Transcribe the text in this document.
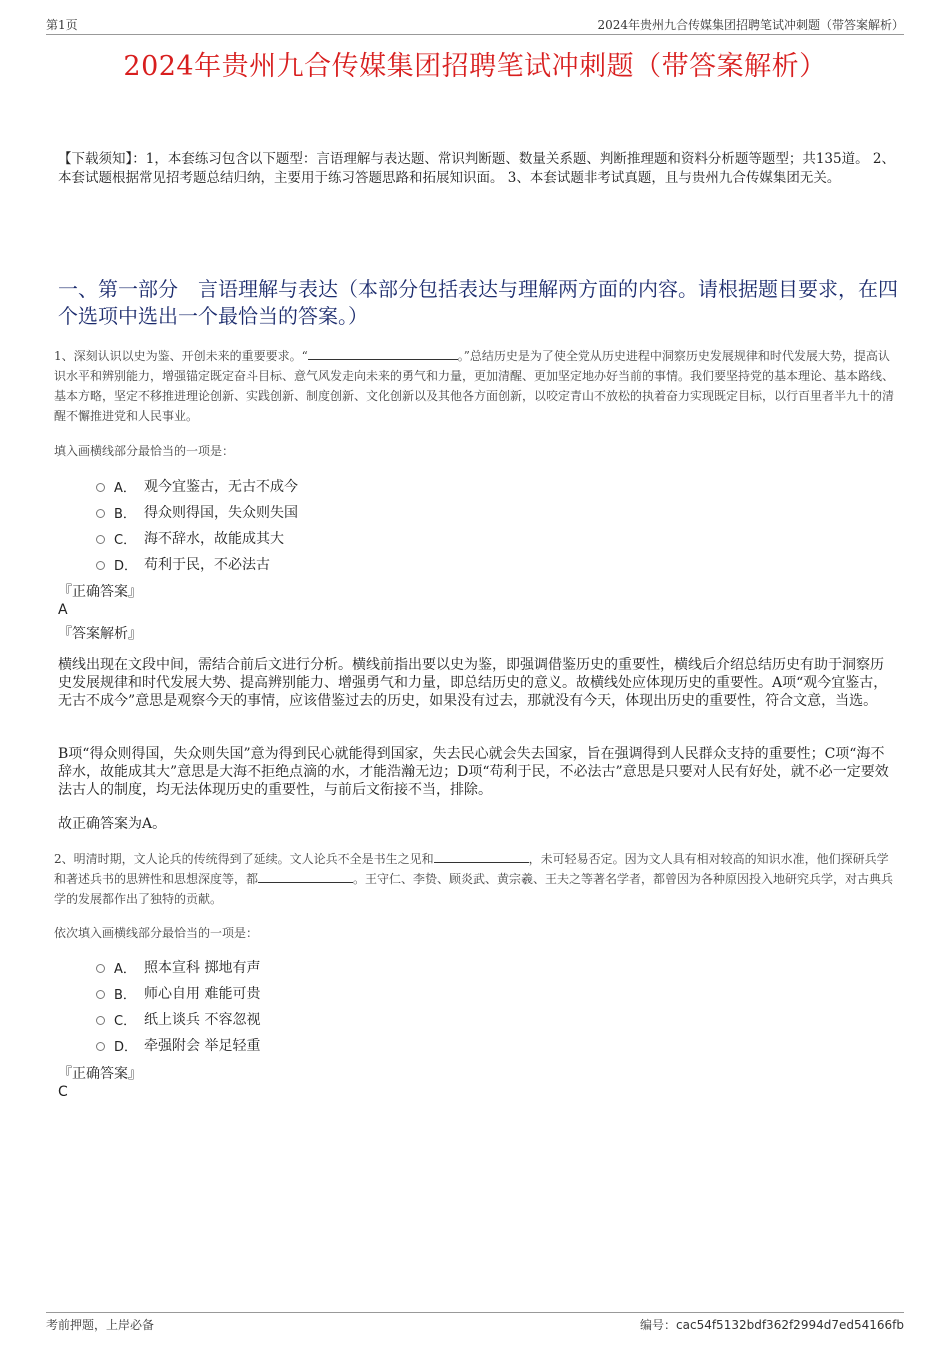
第1页	2024年贵州九合传媒集团招聘笔试冲刺题（带答案解析）
2024年贵州九合传媒集团招聘笔试冲刺题（带答案解析）
【下载须知】：1，本套练习包含以下题型：言语理解与表达题、常识判断题、数量关系题、判断推理题和资料分析题等题型；共135道。 2、本套试题根据常见招考题总结归纳，主要用于练习答题思路和拓展知识面。 3、本套试题非考试真题，且与贵州九合传媒集团无关。
一、第一部分　言语理解与表达（本部分包括表达与理解两方面的内容。请根据题目要求，在四个选项中选出一个最恰当的答案。）
1、深刻认识以史为鉴、开创未来的重要要求。“	。”总结历史是为了使全党从历史进程中洞察历史发展规律和时代发展大势，提高认识水平和辨别能力，增强锚定既定奋斗目标、意气风发走向未来的勇气和力量，更加清醒、更加坚定地办好当前的事情。我们要坚持党的基本理论、基本路线、基本方略，坚定不移推进理论创新、实践创新、制度创新、文化创新以及其他各方面创新，以咬定青山不放松的执着奋力实现既定目标，以行百里者半九十的清醒不懈推进党和人民事业。
填入画横线部分最恰当的一项是：
A． 观今宜鉴古，无古不成今
B． 得众则得国，失众则失国
C． 海不辞水，故能成其大
D． 苟利于民，不必法古
『正确答案』
A
『答案解析』

横线出现在文段中间，需结合前后文进行分析。横线前指出要以史为鉴，即强调借鉴历史的重要性，横线后介绍总结历史有助于洞察历史发展规律和时代发展大势、提高辨别能力、增强勇气和力量，即总结历史的意义。故横线处应体现历史的重要性。A项“观今宜鉴古，无古不成今”意思是观察今天的事情，应该借鉴过去的历史，如果没有过去，那就没有今天，体现出历史的重要性，符合文意，当选。

B项“得众则得国，失众则失国”意为得到民心就能得到国家，失去民心就会失去国家，旨在强调得到人民群众支持的重要性；C项“海不辞水，故能成其大”意思是大海不拒绝点滴的水，才能浩瀚无边；D项“苟利于民，不必法古”意思是只要对人民有好处，就不必一定要效法古人的制度，均无法体现历史的重要性，与前后文衔接不当，排除。

故正确答案为A。

2、明清时期，文人论兵的传统得到了延续。文人论兵不全是书生之见和	，未可轻易否定。因为文人具有相对较高的知识水准，他们探研兵学和著述兵书的思辨性和思想深度等，都	。王守仁、李贽、顾炎武、黄宗羲、王夫之等著名学者，都曾因为各种原因投入地研究兵学，对古典兵学的发展都作出了独特的贡献。
依次填入画横线部分最恰当的一项是：
A． 照本宣科 掷地有声
B． 师心自用 难能可贵
C． 纸上谈兵 不容忽视
D． 牵强附会 举足轻重
『正确答案』
C
考前押题，上岸必备	编号：cac54f5132bdf362f2994d7ed54166fb
